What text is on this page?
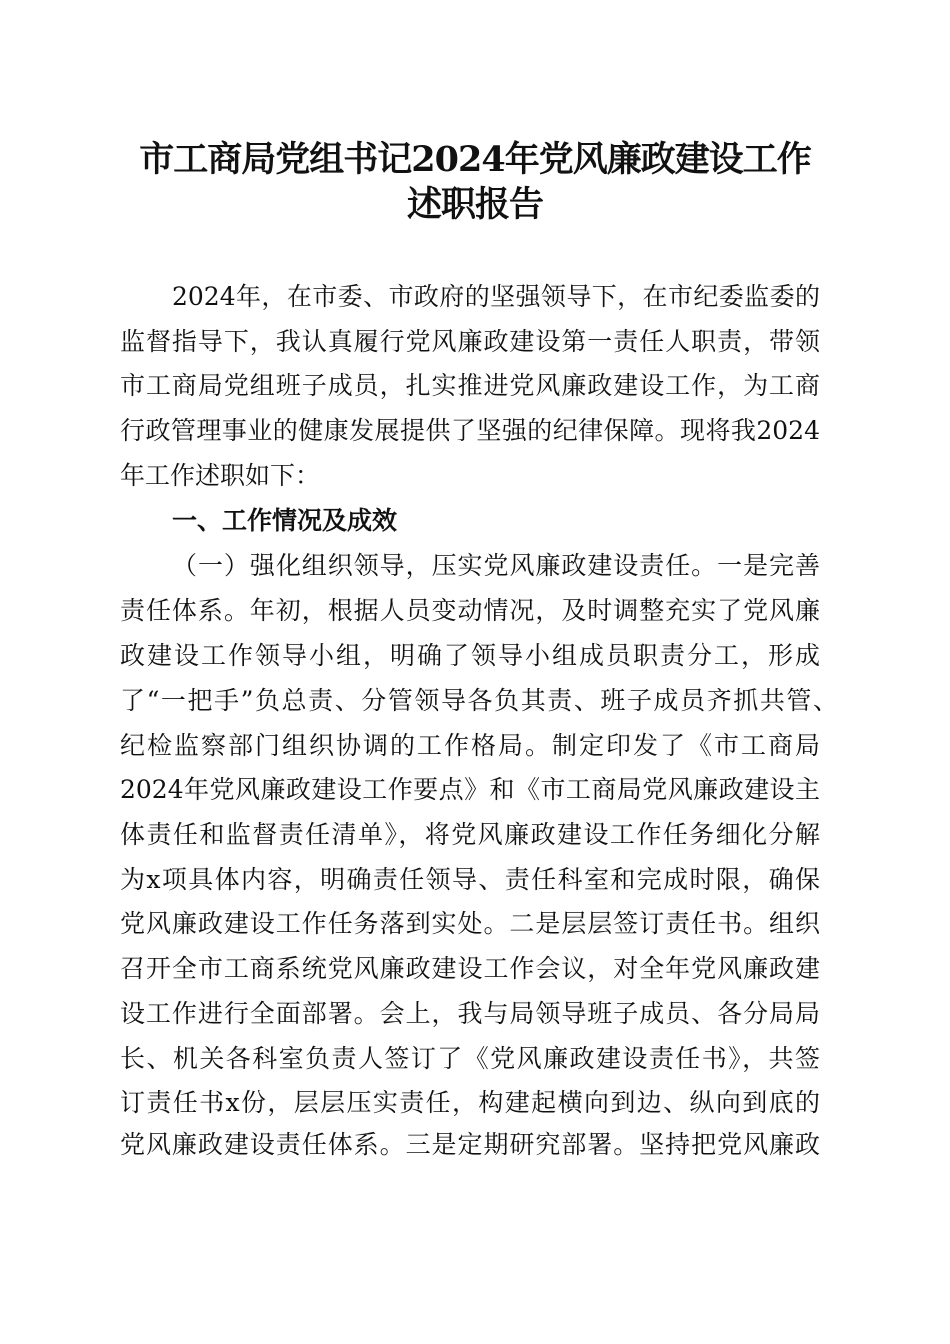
市工商局党组书记2024年党风廉政建设工作
述职报告
2024年，在市委、市政府的坚强领导下，在市纪委监委的
监督指导下，我认真履行党风廉政建设第一责任人职责，带领
市工商局党组班子成员，扎实推进党风廉政建设工作，为工商
行政管理事业的健康发展提供了坚强的纪律保障。现将我2024
年工作述职如下：
一、工作情况及成效
（一）强化组织领导，压实党风廉政建设责任。一是完善
责任体系。年初，根据人员变动情况，及时调整充实了党风廉
政建设工作领导小组，明确了领导小组成员职责分工，形成
了“一把手”负总责、分管领导各负其责、班子成员齐抓共管、
纪检监察部门组织协调的工作格局。制定印发了《市工商局
2024年党风廉政建设工作要点》和《市工商局党风廉政建设主
体责任和监督责任清单》，将党风廉政建设工作任务细化分解
为x项具体内容，明确责任领导、责任科室和完成时限，确保
党风廉政建设工作任务落到实处。二是层层签订责任书。组织
召开全市工商系统党风廉政建设工作会议，对全年党风廉政建
设工作进行全面部署。会上，我与局领导班子成员、各分局局
长、机关各科室负责人签订了《党风廉政建设责任书》，共签
订责任书x份，层层压实责任，构建起横向到边、纵向到底的
党风廉政建设责任体系。三是定期研究部署。坚持把党风廉政
